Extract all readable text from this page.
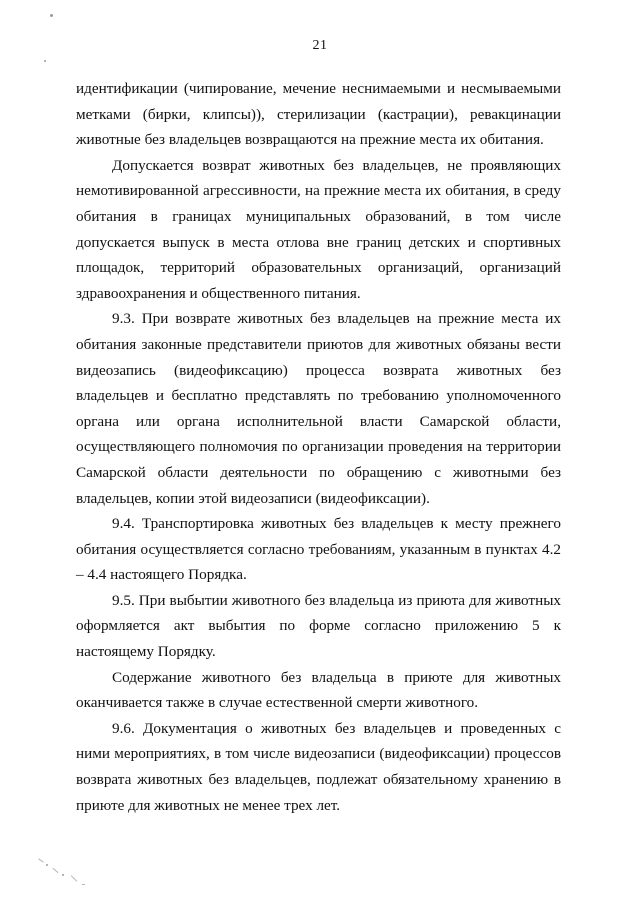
21

идентификации (чипирование, мечение неснимаемыми и несмываемыми метками (бирки, клипсы)), стерилизации (кастрации), ревакцинации животные без владельцев возвращаются на прежние места их обитания.

Допускается возврат животных без владельцев, не проявляющих немотивированной агрессивности, на прежние места их обитания, в среду обитания в границах муниципальных образований, в том числе допускается выпуск в места отлова вне границ детских и спортивных площадок, территорий образовательных организаций, организаций здравоохранения и общественного питания.

9.3. При возврате животных без владельцев на прежние места их обитания законные представители приютов для животных обязаны вести видеозапись (видеофиксацию) процесса возврата животных без владельцев и бесплатно представлять по требованию уполномоченного органа или органа исполнительной власти Самарской области, осуществляющего полномочия по организации проведения на территории Самарской области деятельности по обращению с животными без владельцев, копии этой видеозаписи (видеофиксации).

9.4. Транспортировка животных без владельцев к месту прежнего обитания осуществляется согласно требованиям, указанным в пунктах 4.2 – 4.4 настоящего Порядка.

9.5. При выбытии животного без владельца из приюта для животных оформляется акт выбытия по форме согласно приложению 5 к настоящему Порядку.

Содержание животного без владельца в приюте для животных оканчивается также в случае естественной смерти животного.

9.6. Документация о животных без владельцев и проведенных с ними мероприятиях, в том числе видеозаписи (видеофиксации) процессов возврата животных без владельцев, подлежат обязательному хранению в приюте для животных не менее трех лет.
